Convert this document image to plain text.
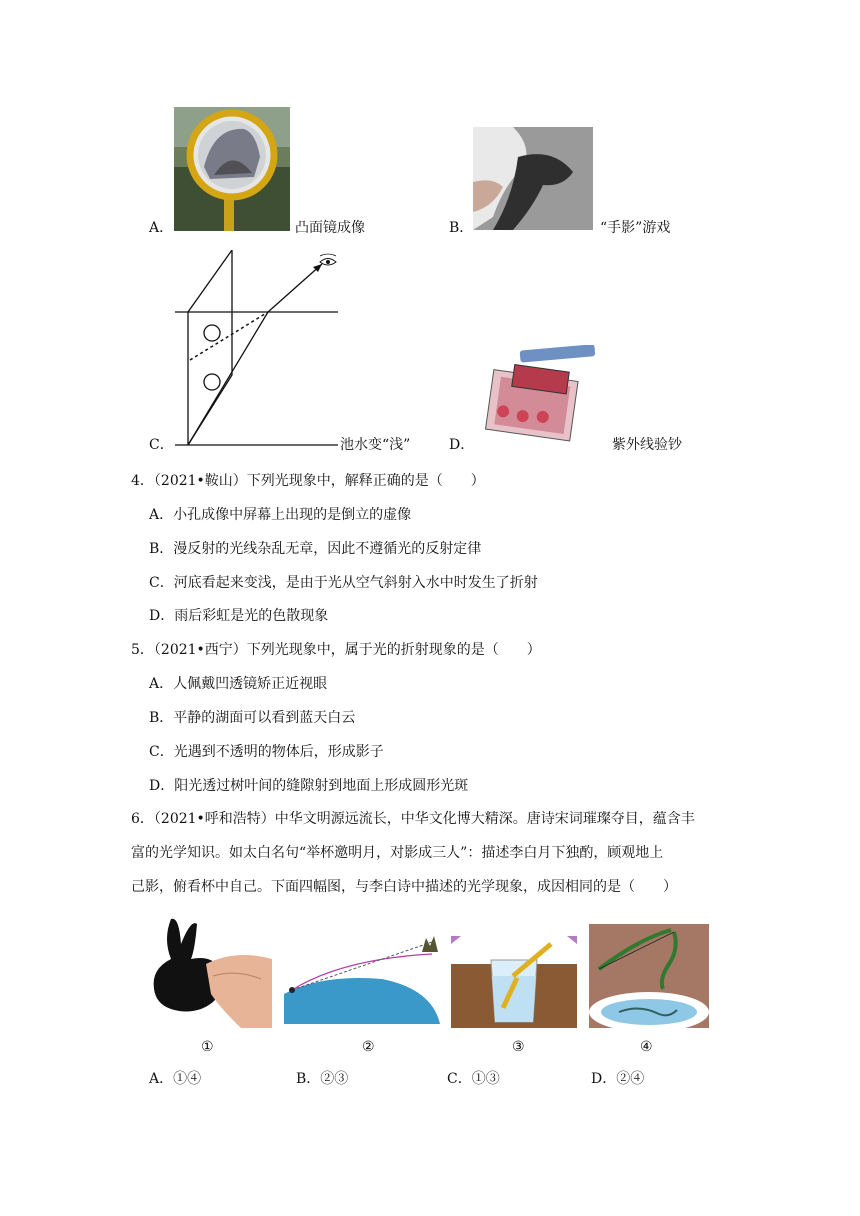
A．	凸面镜成像	B．	“手影”游戏
C．	池水变“浅”	D．	紫外线验钞
4．（2021•鞍山）下列光现象中，解释正确的是（　　）
A．小孔成像中屏幕上出现的是倒立的虚像
B．漫反射的光线杂乱无章，因此不遵循光的反射定律
C．河底看起来变浅，是由于光从空气斜射入水中时发生了折射
D．雨后彩虹是光的色散现象
5．（2021•西宁）下列光现象中，属于光的折射现象的是（　　）
A．人佩戴凹透镜矫正近视眼
B．平静的湖面可以看到蓝天白云
C．光遇到不透明的物体后，形成影子
D．阳光透过树叶间的缝隙射到地面上形成圆形光斑
6．（2021•呼和浩特）中华文明源远流长，中华文化博大精深。唐诗宋词璀璨夺目，蕴含丰
富的光学知识。如太白名句“举杯邀明月，对影成三人”：描述李白月下独酌，顾观地上
己影，俯看杯中自己。下面四幅图，与李白诗中描述的光学现象，成因相同的是（　　）
①	②	③	④
A．①④	B．②③	C．①③	D．②④
